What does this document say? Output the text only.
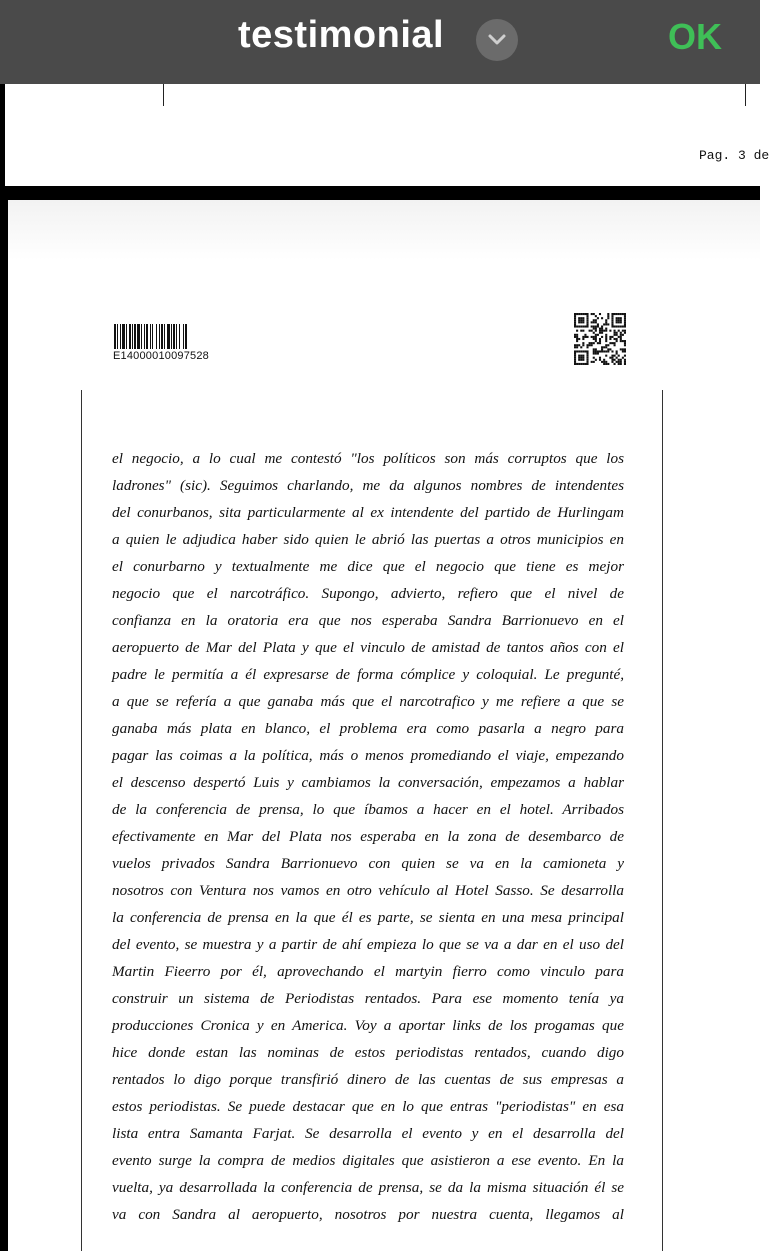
testimonial	OK
Pag. 3 de
E14000010097528
el negocio, a lo cual me contestó "los políticos son más corruptos que los
ladrones" (sic). Seguimos charlando, me da algunos nombres de intendentes
del conurbanos, sita particularmente al ex intendente del partido de Hurlingam
a quien le adjudica haber sido quien le abrió las puertas a otros municipios en
el conurbarno y textualmente me dice que el negocio que tiene es mejor
negocio que el narcotráfico. Supongo, advierto, refiero que el nivel de
confianza en la oratoria era que nos esperaba Sandra Barrionuevo en el
aeropuerto de Mar del Plata y que el vinculo de amistad de tantos años con el
padre le permitía a él expresarse de forma cómplice y coloquial. Le pregunté,
a que se refería a que ganaba más que el narcotrafico y me refiere a que se
ganaba más plata en blanco, el problema era como pasarla a negro para
pagar las coimas a la política, más o menos promediando el viaje, empezando
el descenso despertó Luis y cambiamos la conversación, empezamos a hablar
de la conferencia de prensa, lo que íbamos a hacer en el hotel. Arribados
efectivamente en Mar del Plata nos esperaba en la zona de desembarco de
vuelos privados Sandra Barrionuevo con quien se va en la camioneta y
nosotros con Ventura nos vamos en otro vehículo al Hotel Sasso. Se desarrolla
la conferencia de prensa en la que él es parte, se sienta en una mesa principal
del evento, se muestra y a partir de ahí empieza lo que se va a dar en el uso del
Martin Fieerro por él, aprovechando el martyin fierro como vinculo para
construir un sistema de Periodistas rentados. Para ese momento tenía ya
producciones Cronica y en America. Voy a aportar links de los progamas que
hice donde estan las nominas de estos periodistas rentados, cuando digo
rentados lo digo porque transfirió dinero de las cuentas de sus empresas a
estos periodistas. Se puede destacar que en lo que entras "periodistas" en esa
lista entra Samanta Farjat. Se desarrolla el evento y en el desarrolla del
evento surge la compra de medios digitales que asistieron a ese evento. En la
vuelta, ya desarrollada la conferencia de prensa, se da la misma situación él se
va con Sandra al aeropuerto, nosotros por nuestra cuenta, llegamos al
